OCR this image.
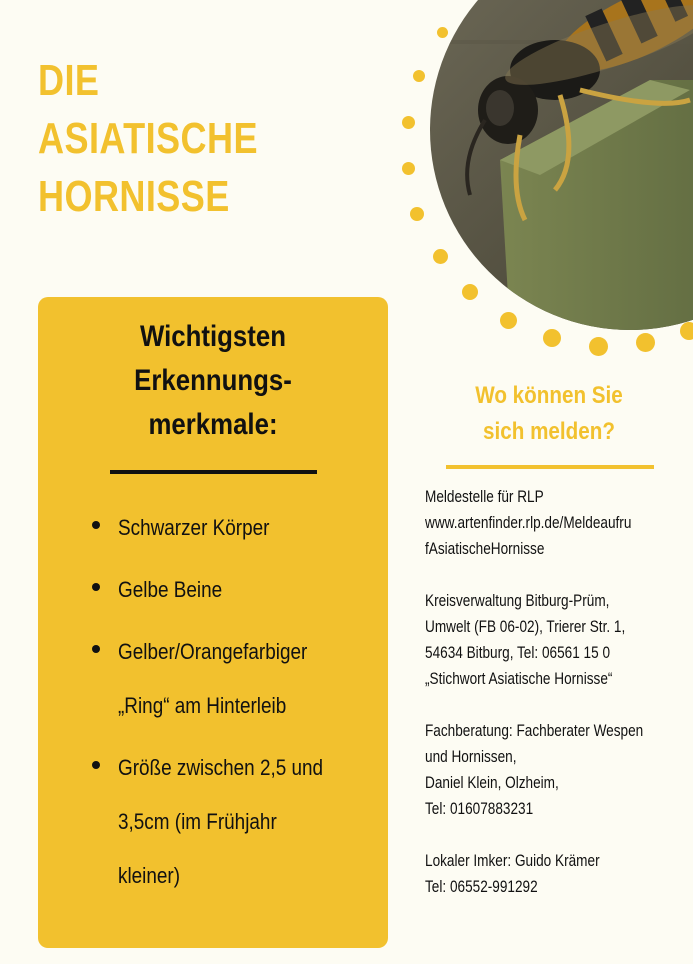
DIE
ASIATISCHE
HORNISSE
Wichtigsten
Erkennungs-
merkmale:
Schwarzer Körper
Gelbe Beine
Gelber/Orangefarbiger
„Ring“ am Hinterleib
Größe zwischen 2,5 und
3,5cm (im Frühjahr
kleiner)
Wo können Sie
sich melden?
Meldestelle für RLP
www.artenfinder.rlp.de/Meldeaufru
fAsiatischeHornisse
Kreisverwaltung Bitburg-Prüm,
Umwelt (FB 06-02), Trierer Str. 1,
54634 Bitburg, Tel: 06561 15 0
„Stichwort Asiatische Hornisse“
Fachberatung: Fachberater Wespen
und Hornissen,
Daniel Klein, Olzheim,
Tel: 01607883231
Lokaler Imker: Guido Krämer
Tel: 06552-991292
